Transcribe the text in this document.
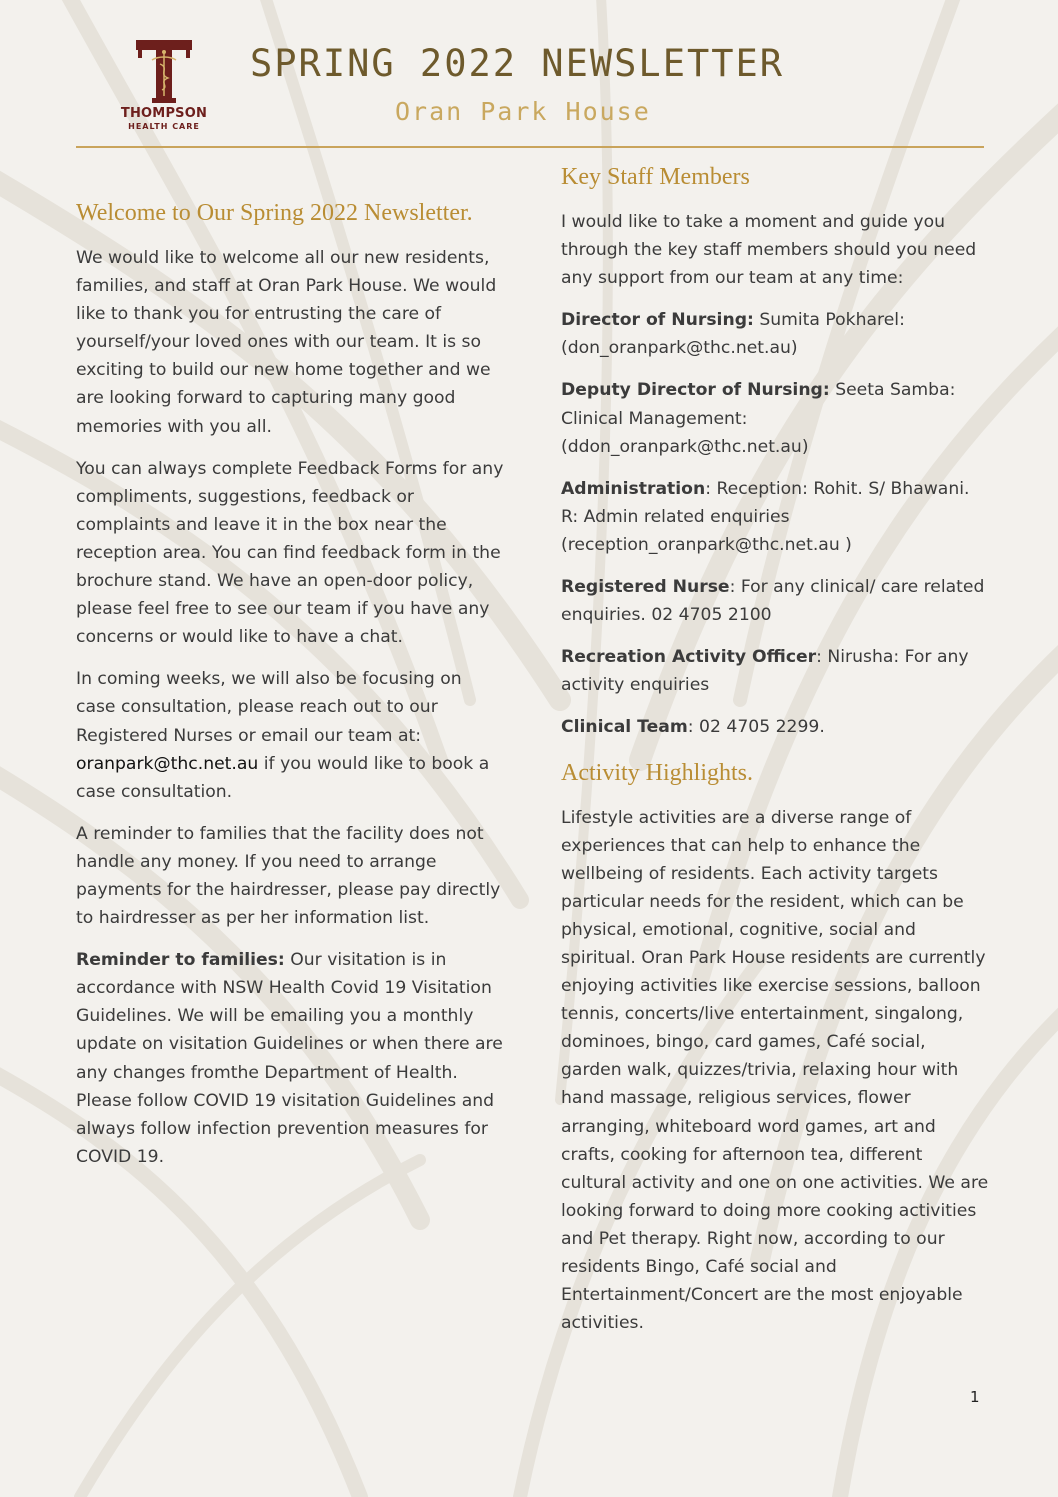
THOMPSON
HEALTH CARE
SPRING 2022 NEWSLETTER
Oran Park House
Welcome to Our Spring 2022 Newsletter.

We would like to welcome all our new residents, families, and staff at Oran Park House. We would like to thank you for entrusting the care of yourself/your loved ones with our team. It is so exciting to build our new home together and we are looking forward to capturing many good memories with you all.

You can always complete Feedback Forms for any compliments, suggestions, feedback or complaints and leave it in the box near the reception area. You can find feedback form in the brochure stand. We have an open-door policy, please feel free to see our team if you have any concerns or would like to have a chat.

In coming weeks, we will also be focusing on case consultation, please reach out to our Registered Nurses or email our team at: oranpark@thc.net.au if you would like to book a case consultation.

A reminder to families that the facility does not handle any money. If you need to arrange payments for the hairdresser, please pay directly to hairdresser as per her information list.

Reminder to families: Our visitation is in accordance with NSW Health Covid 19 Visitation Guidelines. We will be emailing you a monthly update on visitation Guidelines or when there are any changes fromthe Department of Health. Please follow COVID 19 visitation Guidelines and always follow infection prevention measures for COVID 19.

Key Staff Members

I would like to take a moment and guide you through the key staff members should you need any support from our team at any time:

Director of Nursing: Sumita Pokharel: (don_oranpark@thc.net.au)

Deputy Director of Nursing: Seeta Samba: Clinical Management: (ddon_oranpark@thc.net.au)

Administration: Reception: Rohit. S/ Bhawani. R: Admin related enquiries (reception_oranpark@thc.net.au )

Registered Nurse: For any clinical/ care related enquiries. 02 4705 2100

Recreation Activity Officer: Nirusha: For any activity enquiries

Clinical Team: 02 4705 2299.

Activity Highlights.

Lifestyle activities are a diverse range of experiences that can help to enhance the wellbeing of residents. Each activity targets particular needs for the resident, which can be physical, emotional, cognitive, social and spiritual. Oran Park House residents are currently enjoying activities like exercise sessions, balloon tennis, concerts/live entertainment, singalong, dominoes, bingo, card games, Café social, garden walk, quizzes/trivia, relaxing hour with hand massage, religious services, flower arranging, whiteboard word games, art and crafts, cooking for afternoon tea, different cultural activity and one on one activities. We are looking forward to doing more cooking activities and Pet therapy. Right now, according to our residents Bingo, Café social and Entertainment/Concert are the most enjoyable activities.

1
